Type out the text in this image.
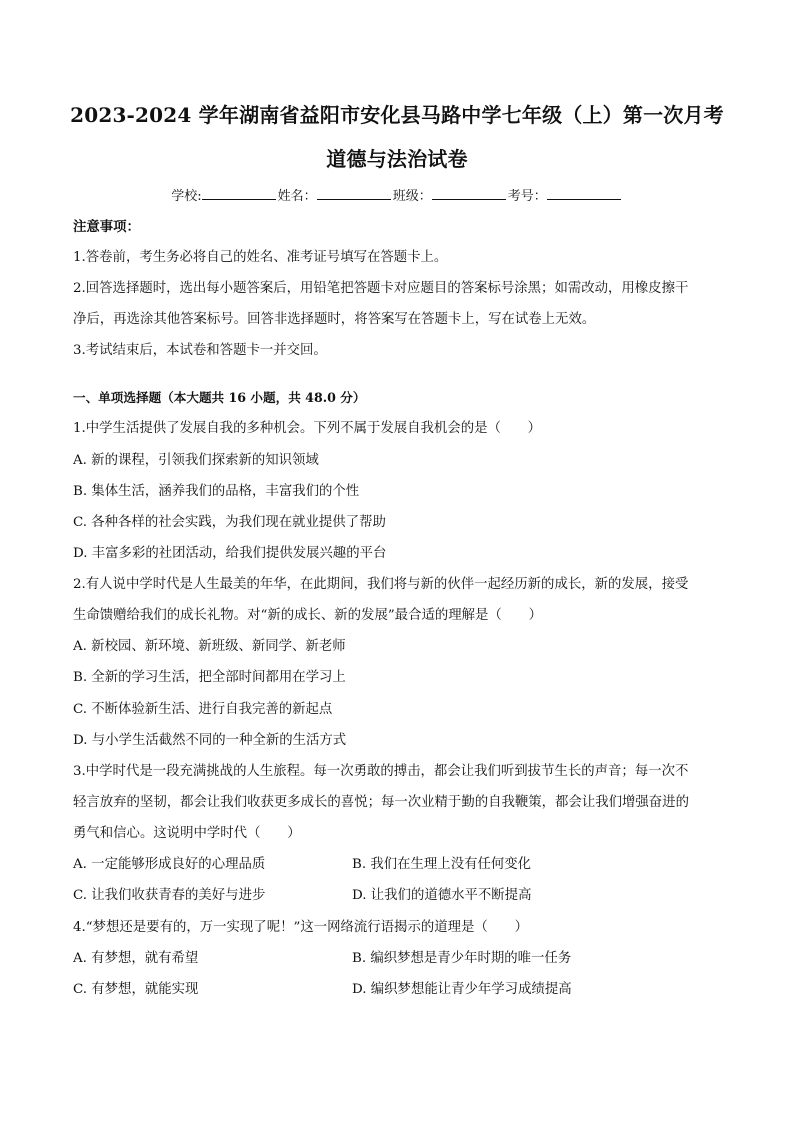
2023-2024 学年湖南省益阳市安化县马路中学七年级（上）第一次月考
道德与法治试卷
学校:	姓名：	班级：	考号：
注意事项：
1.答卷前，考生务必将自己的姓名、准考证号填写在答题卡上。
2.回答选择题时，选出每小题答案后，用铅笔把答题卡对应题目的答案标号涂黑；如需改动，用橡皮擦干
净后，再选涂其他答案标号。回答非选择题时，将答案写在答题卡上，写在试卷上无效。
3.考试结束后，本试卷和答题卡一并交回。
一、单项选择题（本大题共 16 小题，共 48.0 分）
1.中学生活提供了发展自我的多种机会。下列不属于发展自我机会的是（　　）
A. 新的课程，引领我们探索新的知识领域
B. 集体生活，涵养我们的品格，丰富我们的个性
C. 各种各样的社会实践，为我们现在就业提供了帮助
D. 丰富多彩的社团活动，给我们提供发展兴趣的平台
2.有人说中学时代是人生最美的年华，在此期间，我们将与新的伙伴一起经历新的成长，新的发展，接受
生命馈赠给我们的成长礼物。对“新的成长、新的发展”最合适的理解是（　　）
A. 新校园、新环境、新班级、新同学、新老师
B. 全新的学习生活，把全部时间都用在学习上
C. 不断体验新生活、进行自我完善的新起点
D. 与小学生活截然不同的一种全新的生活方式
3.中学时代是一段充满挑战的人生旅程。每一次勇敢的搏击，都会让我们听到拔节生长的声音；每一次不
轻言放弃的坚韧，都会让我们收获更多成长的喜悦；每一次业精于勤的自我鞭策，都会让我们增强奋进的
勇气和信心。这说明中学时代（　　）
A. 一定能够形成良好的心理品质	B. 我们在生理上没有任何变化
C. 让我们收获青春的美好与进步	D. 让我们的道德水平不断提高
4.“梦想还是要有的，万一实现了呢！”这一网络流行语揭示的道理是（　　）
A. 有梦想，就有希望	B. 编织梦想是青少年时期的唯一任务
C. 有梦想，就能实现	D. 编织梦想能让青少年学习成绩提高
